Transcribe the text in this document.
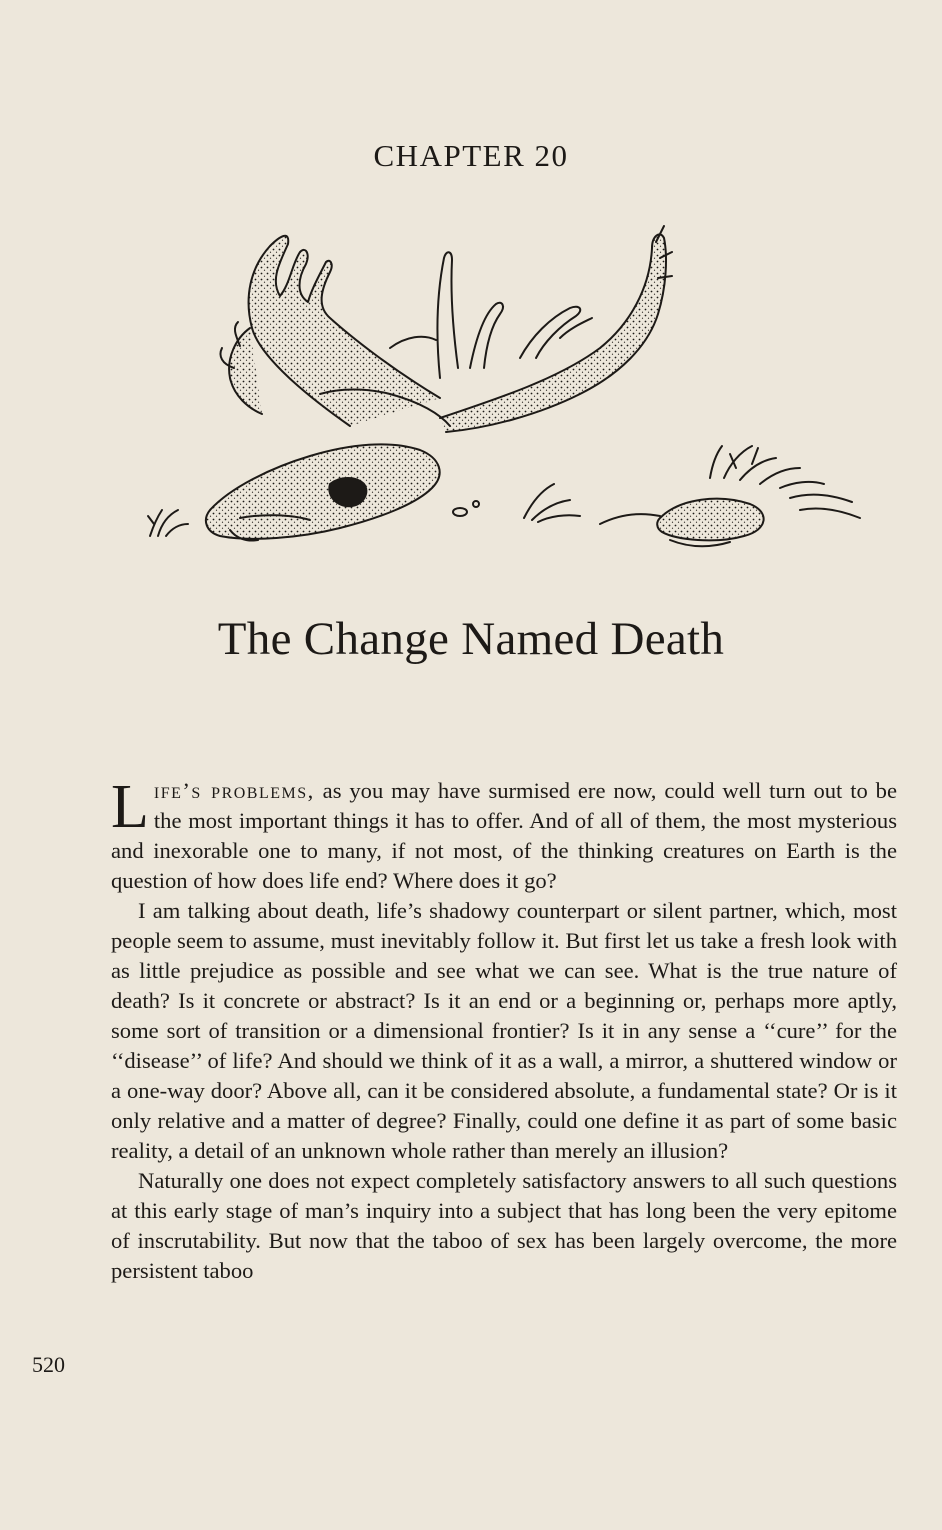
CHAPTER 20
The Change Named Death

Life’s problems, as you may have surmised ere now, could well turn out to be the most important things it has to offer. And of all of them, the most mysterious and inexorable one to many, if not most, of the thinking creatures on Earth is the question of how does life end? Where does it go?

I am talking about death, life’s shadowy counterpart or silent partner, which, most people seem to assume, must inevitably follow it. But first let us take a fresh look with as little prejudice as possible and see what we can see. What is the true nature of death? Is it concrete or abstract? Is it an end or a beginning or, perhaps more aptly, some sort of transition or a dimensional frontier? Is it in any sense a ‘‘cure’’ for the ‘‘disease’’ of life? And should we think of it as a wall, a mirror, a shuttered window or a one-way door? Above all, can it be considered absolute, a fundamental state? Or is it only relative and a matter of degree? Finally, could one define it as part of some basic reality, a detail of an unknown whole rather than merely an illusion?

Naturally one does not expect completely satisfactory answers to all such questions at this early stage of man’s inquiry into a subject that has long been the very epitome of inscrutability. But now that the taboo of sex has been largely overcome, the more persistent taboo

520
